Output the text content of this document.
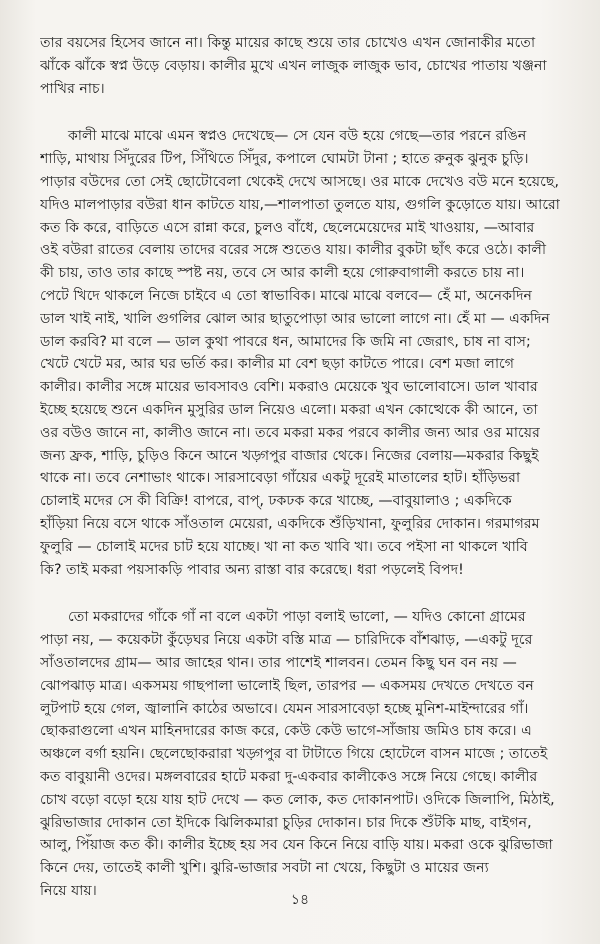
তার বয়সের হিসেব জানে না। কিন্তু মায়ের কাছে শুয়ে তার চোখেও এখন জোনাকীর মতো
ঝাঁকে ঝাঁকে স্বপ্ন উড়ে বেড়ায়। কালীর মুখে এখন লাজুক লাজুক ভাব, চোখের পাতায় খঞ্জনা
পাখির নাচ।

কালী মাঝে মাঝে এমন স্বপ্নও দেখেছে— সে যেন বউ হয়ে গেছে—তার পরনে রঙিন
শাড়ি, মাথায় সিঁদুরের টিপ, সিঁথিতে সিঁদুর, কপালে ঘোমটা টানা ; হাতে রুনুক ঝুনুক চুড়ি।
পাড়ার বউদের তো সেই ছোটোবেলা থেকেই দেখে আসছে। ওর মাকে দেখেও বউ মনে হয়েছে,
যদিও মালপাড়ার বউরা ধান কাটতে যায়,—শালপাতা তুলতে যায়, গুগলি কুড়োতে যায়। আরো
কত কি করে, বাড়িতে এসে রান্না করে, চুলও বাঁধে, ছেলেমেয়েদের মাই খাওয়ায়, —আবার
ওই বউরা রাতের বেলায় তাদের বরের সঙ্গে শুতেও যায়। কালীর বুকটা ছাঁৎ করে ওঠে। কালী
কী চায়, তাও তার কাছে স্পষ্ট নয়, তবে সে আর কালী হয়ে গোরুবাগালী করতে চায় না।
পেটে খিদে থাকলে নিজে চাইবে এ তো স্বাভাবিক। মাঝে মাঝে বলবে— হেঁ মা, অনেকদিন
ডাল খাই নাই, খালি গুগলির ঝোল আর ছাতুপোড়া আর ভালো লাগে না। হেঁ মা — একদিন
ডাল করবি? মা বলে — ডাল কুথা পাবরে ধন, আমাদের কি জমি না জেরাৎ, চাষ না বাস;
খেটে খেটে মর, আর ঘর ভর্তি কর। কালীর মা বেশ ছড়া কাটতে পারে। বেশ মজা লাগে
কালীর। কালীর সঙ্গে মায়ের ভাবসাবও বেশি। মকরাও মেয়েকে খুব ভালোবাসে। ডাল খাবার
ইচ্ছে হয়েছে শুনে একদিন মুসুরির ডাল নিয়েও এলো। মকরা এখন কোত্থেকে কী আনে, তা
ওর বউও জানে না, কালীও জানে না। তবে মকরা মকর পরবে কালীর জন্য আর ওর মায়ের
জন্য ফ্রক, শাড়ি, চুড়িও কিনে আনে খড়্গপুর বাজার থেকে। নিজের বেলায়—মকরার কিছুই
থাকে না। তবে নেশাভাং থাকে। সারসাবেড়া গাঁয়ের একটু দূরেই মাতালের হাট। হাঁড়িভরা
চোলাই মদের সে কী বিক্রি! বাপরে, বাপ্, ঢকঢক করে খাচ্ছে, —বাবুয়ালাও ; একদিকে
হাঁড়িয়া নিয়ে বসে থাকে সাঁওতাল মেয়েরা, একদিকে শুঁড়িখানা, ফুলুরির দোকান। গরমাগরম
ফুলুরি — চোলাই মদের চাট হয়ে যাচ্ছে। খা না কত খাবি খা। তবে পইসা না থাকলে খাবি
কি? তাই মকরা পয়সাকড়ি পাবার অন্য রাস্তা বার করেছে। ধরা পড়লেই বিপদ!

তো মকরাদের গাঁকে গাঁ না বলে একটা পাড়া বলাই ভালো, — যদিও কোনো গ্রামের
পাড়া নয়, — কয়েকটা কুঁড়েঘর নিয়ে একটা বস্তি মাত্র — চারিদিকে বাঁশঝাড়, —একটু দূরে
সাঁওতালদের গ্রাম— আর জাহের থান। তার পাশেই শালবন। তেমন কিছু ঘন বন নয় —
ঝোপঝাড় মাত্র। একসময় গাছপালা ভালোই ছিল, তারপর — একসময় দেখতে দেখতে বন
লুটপাট হয়ে গেল, জ্বালানি কাঠের অভাবে। যেমন সারসাবেড়া হচ্ছে মুনিশ-মাইন্দারের গাঁ।
ছোকরাগুলো এখন মাহিনদারের কাজ করে, কেউ কেউ ভাগে-সাঁজায় জমিও চাষ করে। এ
অঞ্চলে বর্গা হয়নি। ছেলেছোকরারা খড়্গপুর বা টাটাতে গিয়ে হোটেলে বাসন মাজে ; তাতেই
কত বাবুয়ানী ওদের। মঙ্গলবারের হাটে মকরা দু-একবার কালীকেও সঙ্গে নিয়ে গেছে। কালীর
চোখ বড়ো বড়ো হয়ে যায় হাট দেখে — কত লোক, কত দোকানপাট। ওদিকে জিলাপি, মিঠাই,
ঝুরিভাজার দোকান তো ইদিকে ঝিলিকমারা চুড়ির দোকান। চার দিকে শুঁটকি মাছ, বাইগন,
আলু, পিঁয়াজ কত কী। কালীর ইচ্ছে হয় সব যেন কিনে নিয়ে বাড়ি যায়। মকরা ওকে ঝুরিভাজা
কিনে দেয়, তাতেই কালী খুশি। ঝুরি-ভাজার সবটা না খেয়ে, কিছুটা ও মায়ের জন্য
নিয়ে যায়।

১৪
